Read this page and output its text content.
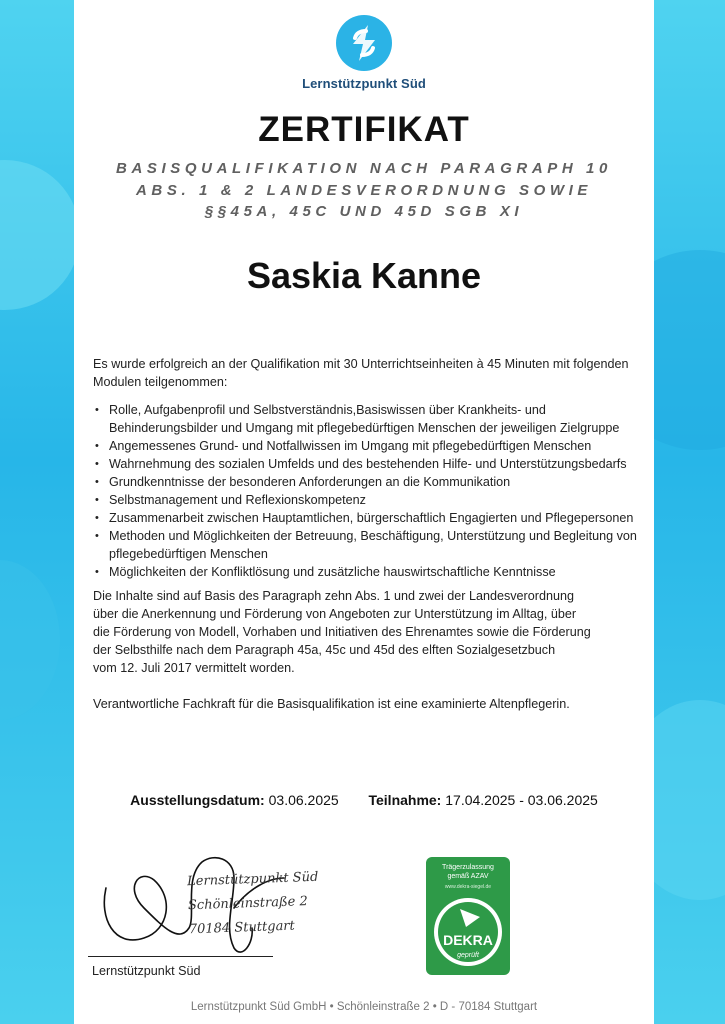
Lernstützpunkt Süd
ZERTIFIKAT
BASISQUALIFIKATION NACH PARAGRAPH 10
ABS. 1 & 2 LANDESVERORDNUNG SOWIE
§§45A, 45C UND 45D SGB XI
Saskia Kanne

Es wurde erfolgreich an der Qualifikation mit 30 Unterrichtseinheiten à 45 Minuten mit folgenden Modulen teilgenommen:

• Rolle, Aufgabenprofil und Selbstverständnis,Basiswissen über Krankheits- und Behinderungsbilder und Umgang mit pflegebedürftigen Menschen der jeweiligen Zielgruppe
• Angemessenes Grund- und Notfallwissen im Umgang mit pflegebedürftigen Menschen
• Wahrnehmung des sozialen Umfelds und des bestehenden Hilfe- und Unterstützungsbedarfs
• Grundkenntnisse der besonderen Anforderungen an die Kommunikation
• Selbstmanagement und Reflexionskompetenz
• Zusammenarbeit zwischen Hauptamtlichen, bürgerschaftlich Engagierten und Pflegepersonen
• Methoden und Möglichkeiten der Betreuung, Beschäftigung, Unterstützung und Begleitung von pflegebedürftigen Menschen
• Möglichkeiten der Konfliktlösung und zusätzliche hauswirtschaftliche Kenntnisse

Die Inhalte sind auf Basis des Paragraph zehn Abs. 1 und zwei der Landesverordnung
über die Anerkennung und Förderung von Angeboten zur Unterstützung im Alltag, über
die Förderung von Modell, Vorhaben und Initiativen des Ehrenamtes sowie die Förderung
der Selbsthilfe nach dem Paragraph 45a, 45c und 45d des elften Sozialgesetzbuch
vom 12. Juli 2017 vermittelt worden.

Verantwortliche Fachkraft für die Basisqualifikation ist eine examinierte Altenpflegerin.

Ausstellungsdatum: 03.06.2025 Teilnahme: 17.04.2025 - 03.06.2025
Lernstützpunkt Süd
Schönleinstraße 2
70184 Stuttgart
Lernstützpunkt Süd
Trägerzulassung
gemäß AZAV
www.dekra-siegel.de
DEKRA
geprüft
Lernstützpunkt Süd GmbH • Schönleinstraße 2 • D - 70184 Stuttgart
